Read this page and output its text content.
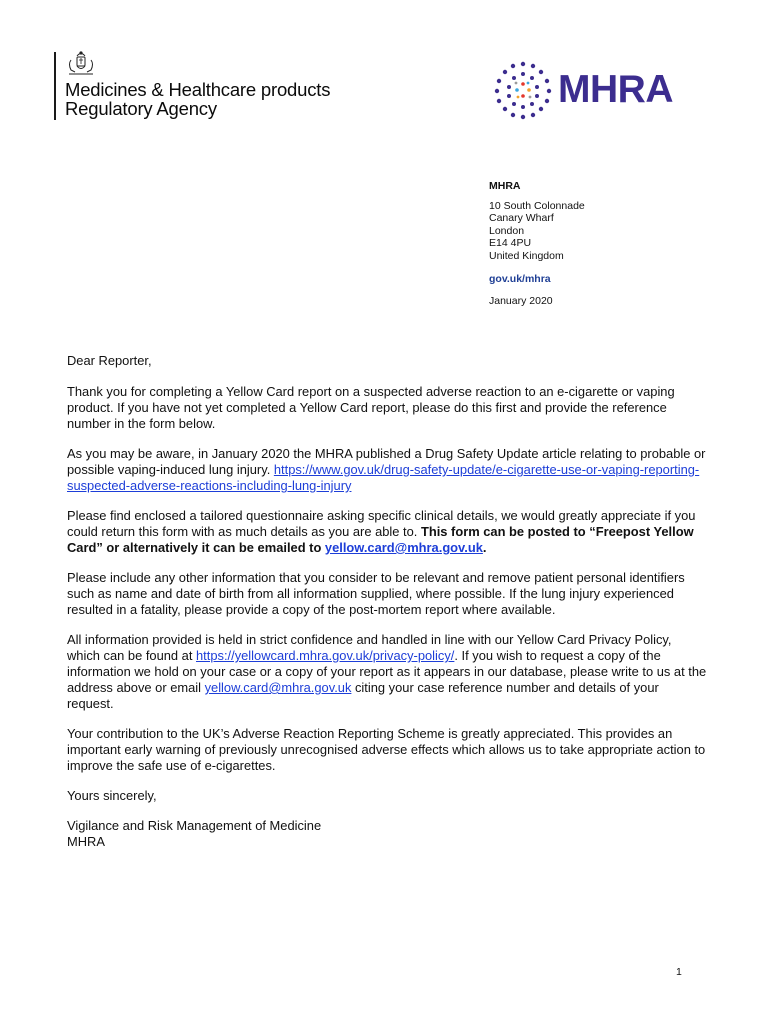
Medicines & Healthcare products
Regulatory Agency	MHRA
MHRA
10 South Colonnade
Canary Wharf
London
E14 4PU
United Kingdom
gov.uk/mhra
January 2020

Dear Reporter,

Thank you for completing a Yellow Card report on a suspected adverse reaction to an e-cigarette or vaping product. If you have not yet completed a Yellow Card report, please do this first and provide the reference number in the form below.

As you may be aware, in January 2020 the MHRA published a Drug Safety Update article relating to probable or possible vaping-induced lung injury. https://www.gov.uk/drug-safety-update/e-cigarette-use-or-vaping-reporting-suspected-adverse-reactions-including-lung-injury

Please find enclosed a tailored questionnaire asking specific clinical details, we would greatly appreciate if you could return this form with as much details as you are able to. This form can be posted to “Freepost Yellow Card” or alternatively it can be emailed to yellow.card@mhra.gov.uk.

Please include any other information that you consider to be relevant and remove patient personal identifiers such as name and date of birth from all information supplied, where possible. If the lung injury experienced resulted in a fatality, please provide a copy of the post-mortem report where available.

All information provided is held in strict confidence and handled in line with our Yellow Card Privacy Policy, which can be found at https://yellowcard.mhra.gov.uk/privacy-policy/. If you wish to request a copy of the information we hold on your case or a copy of your report as it appears in our database, please write to us at the address above or email yellow.card@mhra.gov.uk citing your case reference number and details of your request.

Your contribution to the UK’s Adverse Reaction Reporting Scheme is greatly appreciated. This provides an important early warning of previously unrecognised adverse effects which allows us to take appropriate action to improve the safe use of e-cigarettes.

Yours sincerely,

Vigilance and Risk Management of Medicine
MHRA

1
